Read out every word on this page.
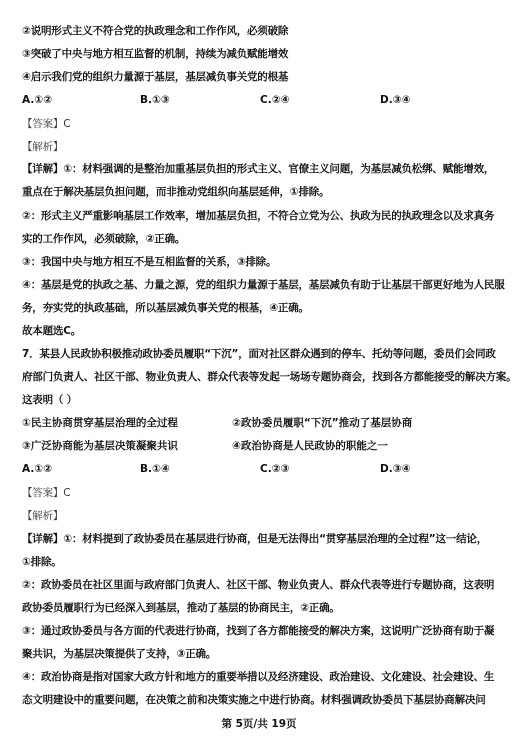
②说明形式主义不符合党的执政理念和工作作风，必须破除
③突破了中央与地方相互监督的机制，持续为减负赋能增效
④启示我们党的组织力量源于基层，基层减负事关党的根基
A.①②	B.①③	C.②④	D.③④
【答案】C
【解析】
【详解】①：材料强调的是整治加重基层负担的形式主义、官僚主义问题，为基层减负松绑、赋能增效，
重点在于解决基层负担问题，而非推动党组织向基层延伸，①排除。
②：形式主义严重影响基层工作效率，增加基层负担，不符合立党为公、执政为民的执政理念以及求真务
实的工作作风，必须破除，②正确。
③：我国中央与地方相互不是互相监督的关系，③排除。
④：基层是党的执政之基、力量之源，党的组织力量源于基层，基层减负有助于让基层干部更好地为人民服
务，夯实党的执政基础，所以基层减负事关党的根基，④正确。
故本题选C。
7．某县人民政协积极推动政协委员履职“下沉”，面对社区群众遇到的停车、托幼等问题，委员们会同政
府部门负责人、社区干部、物业负责人、群众代表等发起一场场专题协商会，找到各方都能接受的解决方案。
这表明（ ）
①民主协商贯穿基层治理的全过程	②政协委员履职“下沉”推动了基层协商
③广泛协商能为基层决策凝聚共识	④政治协商是人民政协的职能之一
A.①②	B.①④	C.②③	D.③④
【答案】C
【解析】
【详解】①：材料提到了政协委员在基层进行协商，但是无法得出“贯穿基层治理的全过程”这一结论，
①排除。
②：政协委员在社区里面与政府部门负责人、社区干部、物业负责人、群众代表等进行专题协商，这表明
政协委员履职行为已经深入到基层，推动了基层的协商民主，②正确。
③：通过政协委员与各方面的代表进行协商，找到了各方都能接受的解决方案，这说明广泛协商有助于凝
聚共识，为基层决策提供了支持，③正确。
④：政治协商是指对国家大政方针和地方的重要举措以及经济建设、政治建设、文化建设、社会建设、生
态文明建设中的重要问题，在决策之前和决策实施之中进行协商。材料强调政协委员下基层协商解决问
第 5页/共 19页
